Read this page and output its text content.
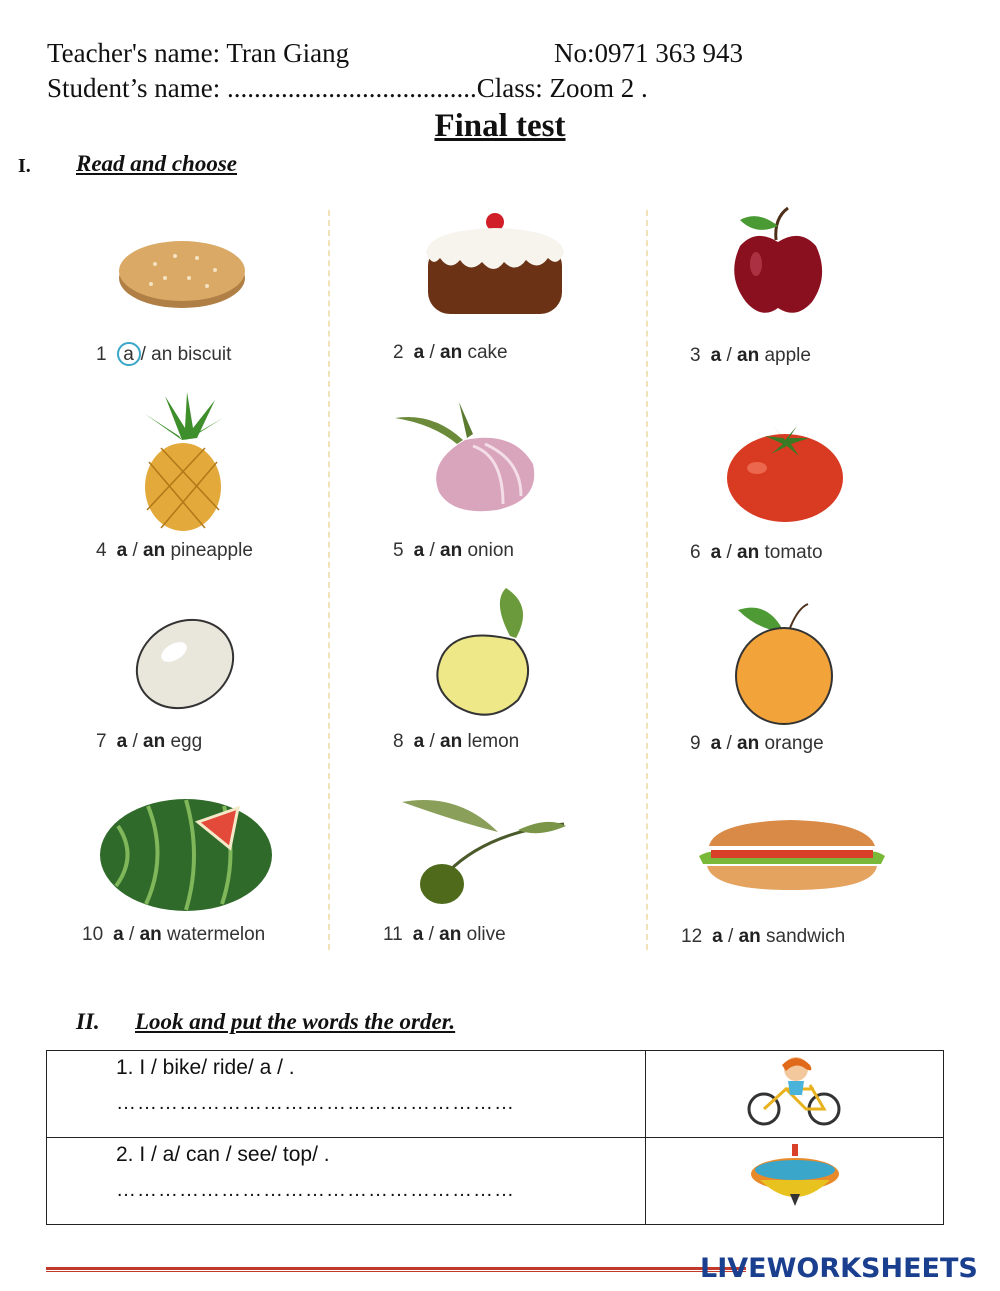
Teacher's name: Tran Giang	No:0971 363 943
Student’s name: .....................................Class: Zoom 2 .
Final test
I. Read and choose
1 a / an biscuit	2 a / an cake	3 a / an apple
4 a / an pineapple	5 a / an onion	6 a / an tomato
7 a / an egg	8 a / an lemon	9 a / an orange
10 a / an watermelon	11 a / an olive	12 a / an sandwich
II. Look and put the words the order.
1. I / bike/ ride/ a / .
…………………………………………………

2. I / a/ can / see/ top/ .
…………………………………………………

LIVEWORKSHEETS
